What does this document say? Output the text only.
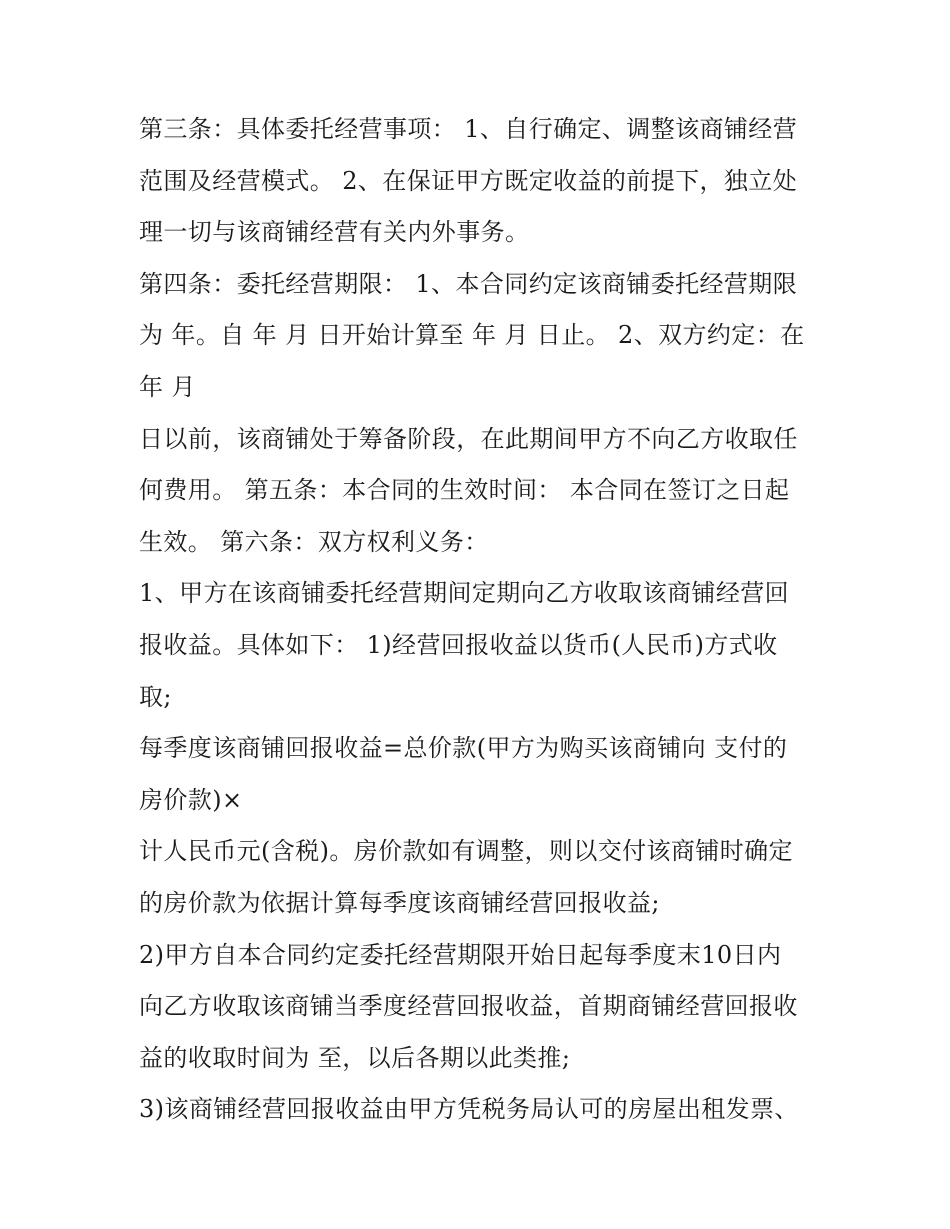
第三条：具体委托经营事项： 1、自行确定、调整该商铺经营
范围及经营模式。 2、在保证甲方既定收益的前提下，独立处
理一切与该商铺经营有关内外事务。
第四条：委托经营期限： 1、本合同约定该商铺委托经营期限
为 年。自 年 月 日开始计算至 年 月 日止。 2、双方约定：在
年 月
日以前，该商铺处于筹备阶段，在此期间甲方不向乙方收取任
何费用。 第五条：本合同的生效时间： 本合同在签订之日起
生效。 第六条：双方权利义务：
1、甲方在该商铺委托经营期间定期向乙方收取该商铺经营回
报收益。具体如下： 1)经营回报收益以货币(人民币)方式收
取;
每季度该商铺回报收益=总价款(甲方为购买该商铺向 支付的
房价款)×
计人民币元(含税)。房价款如有调整，则以交付该商铺时确定
的房价款为依据计算每季度该商铺经营回报收益;
2)甲方自本合同约定委托经营期限开始日起每季度末10日内
向乙方收取该商铺当季度经营回报收益，首期商铺经营回报收
益的收取时间为 至，以后各期以此类推;
3)该商铺经营回报收益由甲方凭税务局认可的房屋出租发票、
